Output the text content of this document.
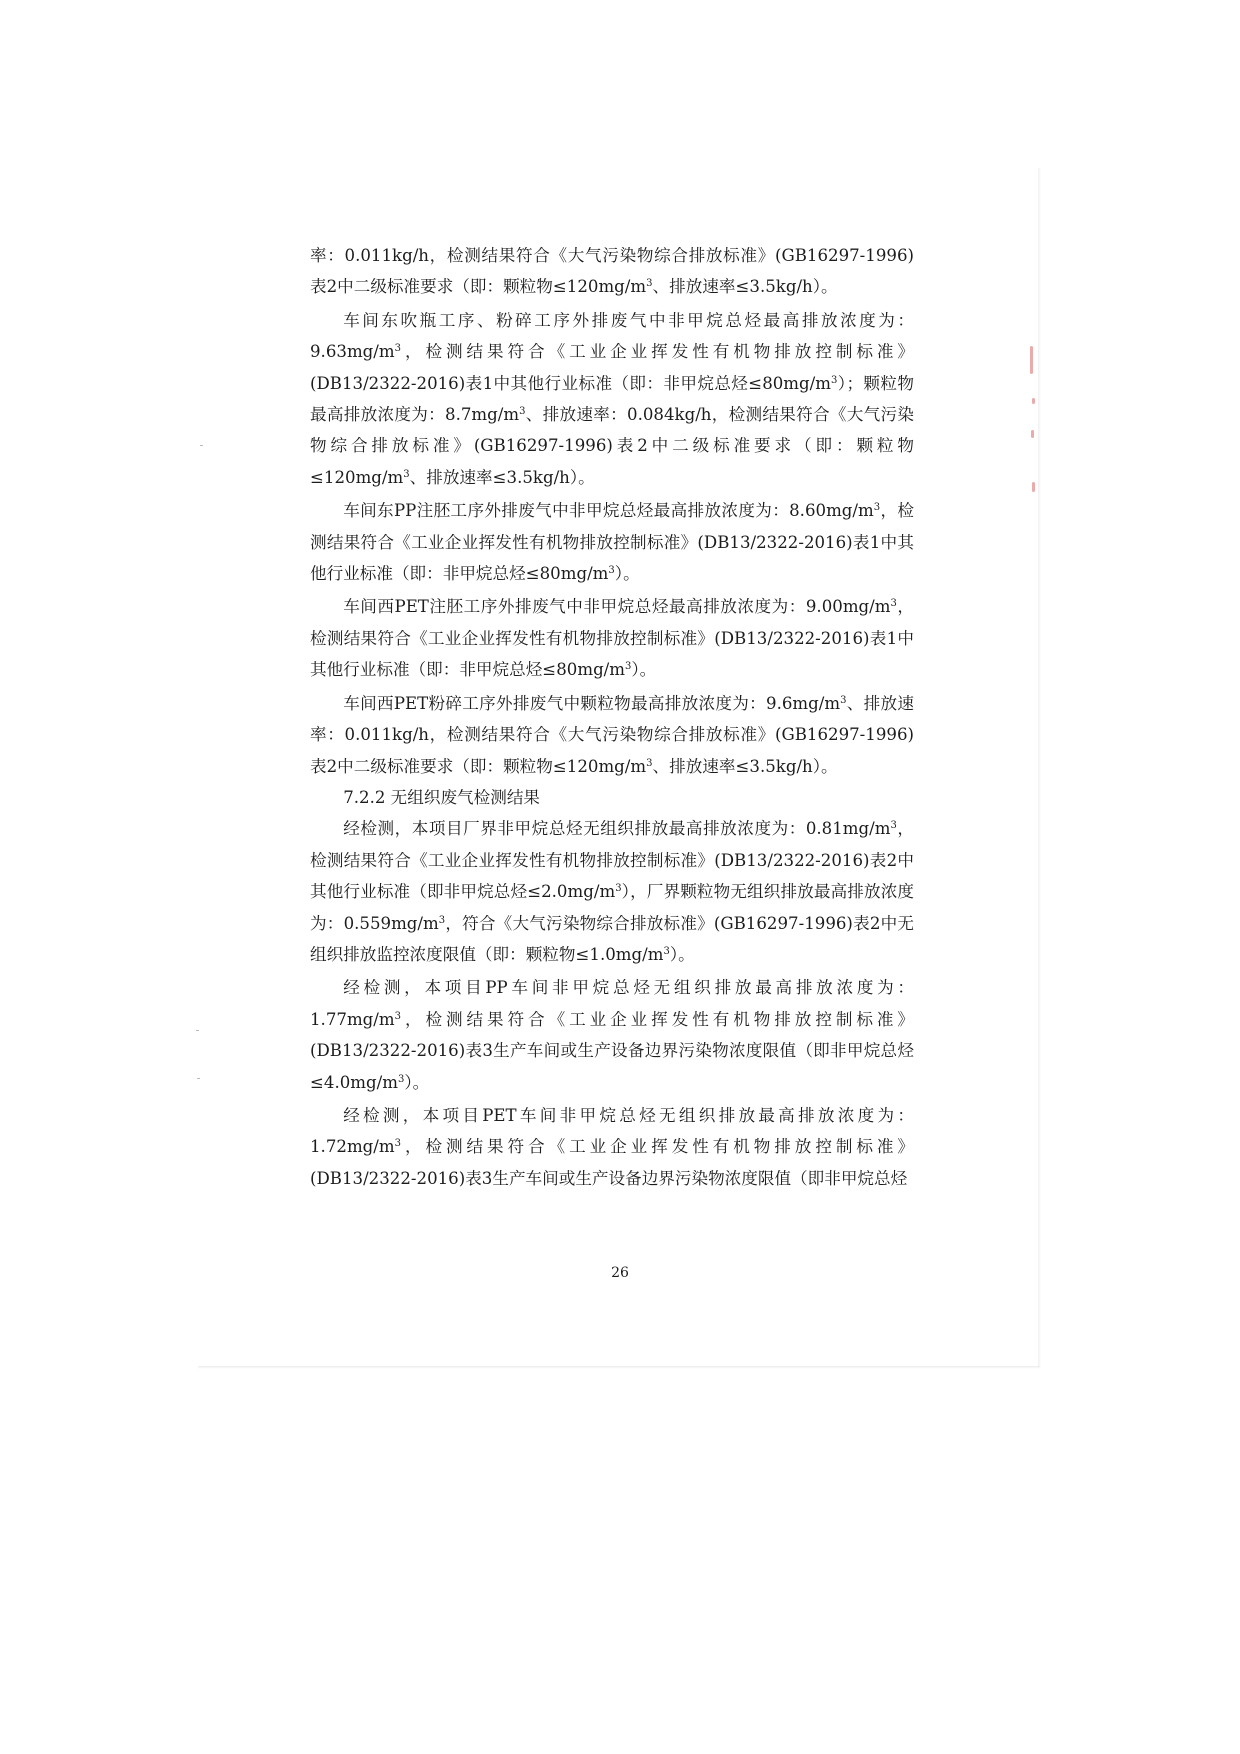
率：0.011kg/h，检测结果符合《大气污染物综合排放标准》(GB16297-1996)表2中二级标准要求（即：颗粒物$\le 120mg/m^3$、排放速率≤3.5kg/h）。

车间东吹瓶工序、粉碎工序外排废气中非甲烷总烃最高排放浓度为：$9.63mg/m^3$，检测结果符合《工业企业挥发性有机物排放控制标准》(DB13/2322-2016)表1中其他行业标准（即：非甲烷总烃$\le 80mg/m^3$）；颗粒物最高排放浓度为：$8.7mg/m^3$、排放速率：0.084kg/h，检测结果符合《大气污染物综合排放标准》(GB16297-1996)表2中二级标准要求（即：颗粒物$\le 120mg/m^3$、排放速率≤3.5kg/h）。

车间东PP注胚工序外排废气中非甲烷总烃最高排放浓度为：$8.60mg/m^3$，检测结果符合《工业企业挥发性有机物排放控制标准》(DB13/2322-2016)表1中其他行业标准（即：非甲烷总烃$\le 80mg/m^3$）。

车间西PET注胚工序外排废气中非甲烷总烃最高排放浓度为：$9.00mg/m^3$，检测结果符合《工业企业挥发性有机物排放控制标准》(DB13/2322-2016)表1中其他行业标准（即：非甲烷总烃$\le 80mg/m^3$）。

车间西PET粉碎工序外排废气中颗粒物最高排放浓度为：$9.6mg/m^3$、排放速率：0.011kg/h，检测结果符合《大气污染物综合排放标准》(GB16297-1996)表2中二级标准要求（即：颗粒物$\le 120mg/m^3$、排放速率≤3.5kg/h）。

7.2.2 无组织废气检测结果

经检测，本项目厂界非甲烷总烃无组织排放最高排放浓度为：$0.81mg/m^3$，检测结果符合《工业企业挥发性有机物排放控制标准》(DB13/2322-2016)表2中其他行业标准（即非甲烷总烃$\le 2.0mg/m^3$），厂界颗粒物无组织排放最高排放浓度为：$0.559mg/m^3$，符合《大气污染物综合排放标准》(GB16297-1996)表2中无组织排放监控浓度限值（即：颗粒物$\le 1.0mg/m^3$）。

经检测，本项目PP车间非甲烷总烃无组织排放最高排放浓度为：$1.77mg/m^3$，检测结果符合《工业企业挥发性有机物排放控制标准》(DB13/2322-2016)表3生产车间或生产设备边界污染物浓度限值（即非甲烷总烃$\le 4.0mg/m^3$）。

经检测，本项目PET车间非甲烷总烃无组织排放最高排放浓度为：$1.72mg/m^3$，检测结果符合《工业企业挥发性有机物排放控制标准》(DB13/2322-2016)表3生产车间或生产设备边界污染物浓度限值（即非甲烷总烃

26
